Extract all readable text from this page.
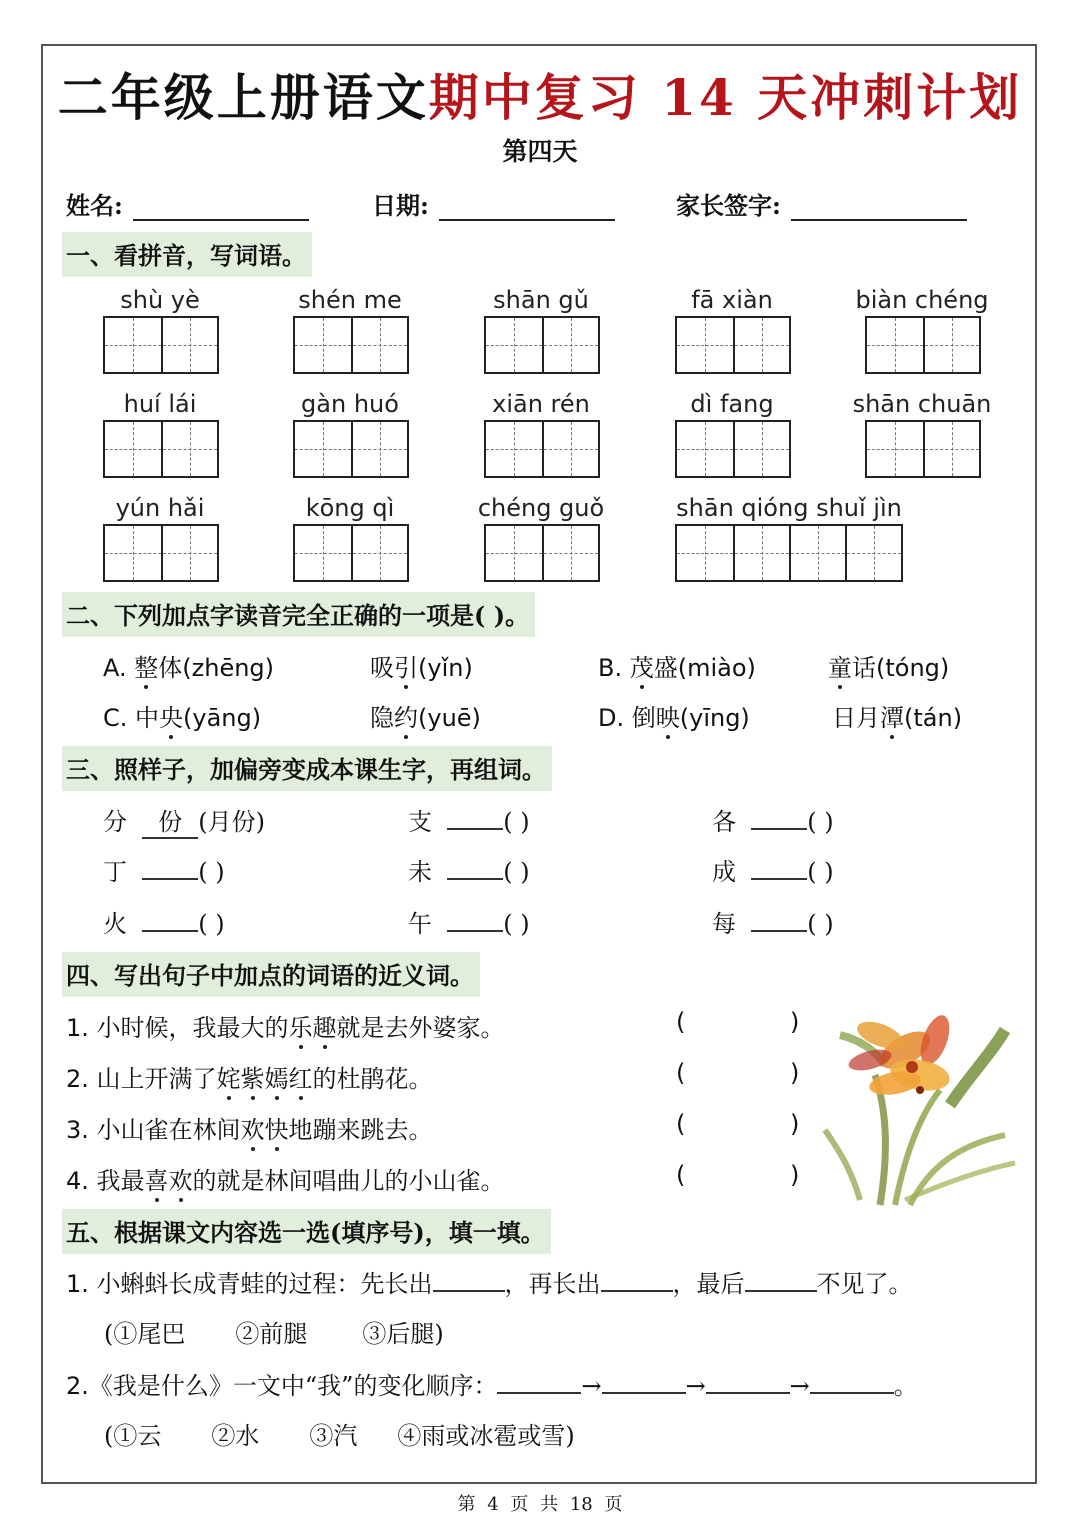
二年级上册语文期中复习 14 天冲刺计划
第四天
姓名:	日期:	家长签字:
一、看拼音，写词语。
shù yè	shén me	shān gǔ	fā xiàn	biàn chéng
huí lái	gàn huó	xiān rén	dì fang	shān chuān
yún hǎi	kōng qì	chéng guǒ	shān qióng shuǐ jìn
二、下列加点字读音完全正确的一项是( )。
A. 整体(zhēng)	吸引(yǐn)	B. 茂盛(miào)	童话(tóng)
C. 中央(yāng)	隐约(yuē)	D. 倒映(yīng)	日月潭(tán)
三、照样子，加偏旁变成本课生字，再组词。
分 份 (月份)	支	( )	各	( )
丁	( )	未	( )	成	( )
火	( )	午	( )	每	( )
四、写出句子中加点的词语的近义词。
1. 小时候，我最大的乐趣就是去外婆家。	(	)
2. 山上开满了姹紫嫣红的杜鹃花。	(	)
3. 小山雀在林间欢快地蹦来跳去。	(	)
4. 我最喜欢的就是林间唱曲儿的小山雀。	(	)
五、根据课文内容选一选(填序号)，填一填。
1. 小蝌蚪长成青蛙的过程：先长出	，再长出	，最后	不见了。
(①尾巴 ②前腿 ③后腿)
2.《我是什么》一文中“我”的变化顺序：	→	→	→	。
(①云 ②水 ③汽 ④雨或冰雹或雪)
第 4 页 共 18 页
